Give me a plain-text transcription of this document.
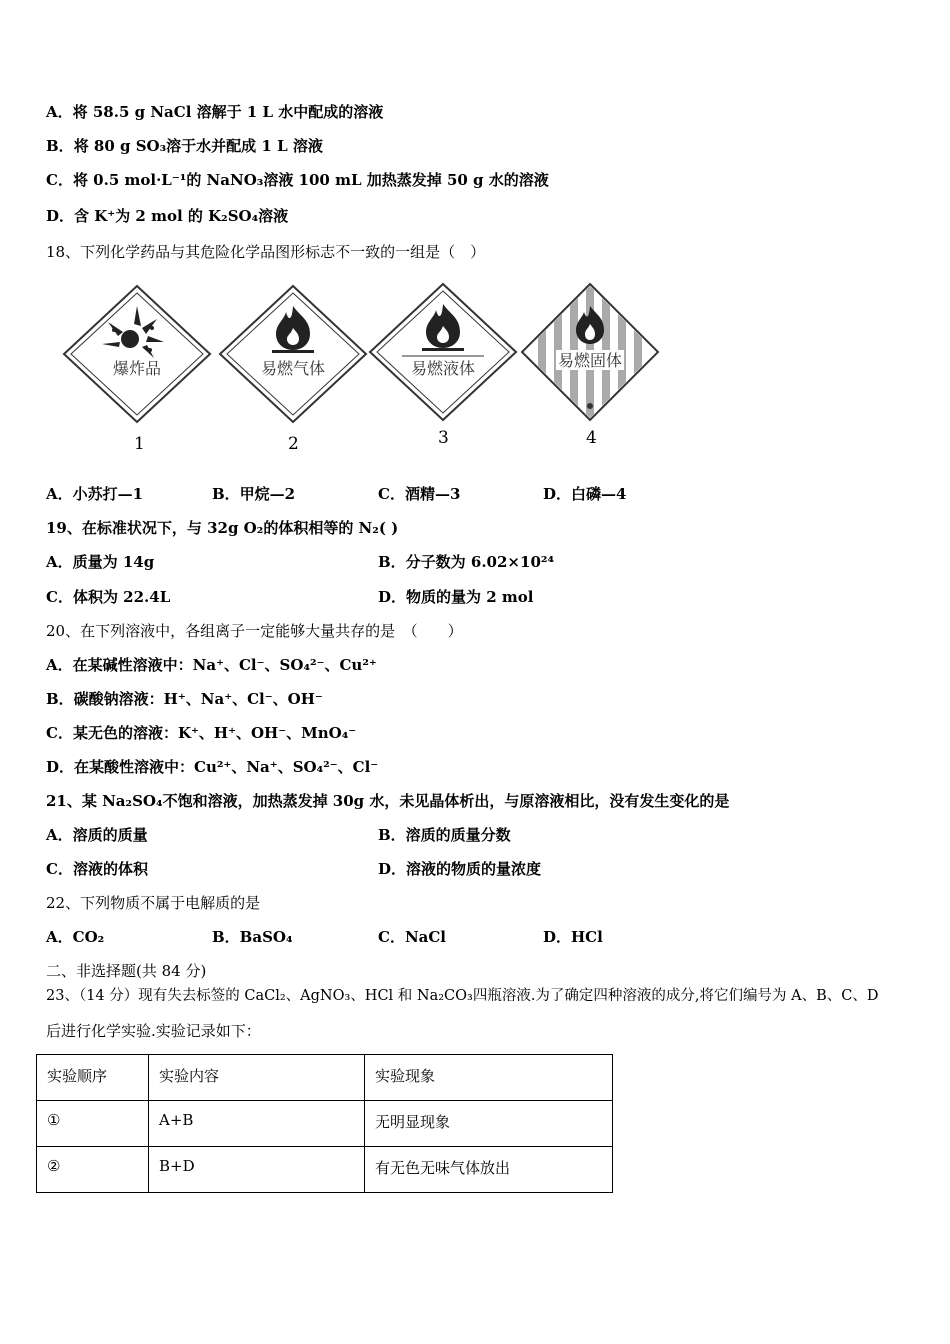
A．将 58.5 g NaCl 溶解于 1 L 水中配成的溶液
B．将 80 g SO₃溶于水并配成 1 L 溶液
C．将 0.5 mol·L⁻¹的 NaNO₃溶液 100 mL 加热蒸发掉 50 g 水的溶液
D．含 K⁺为 2 mol 的 K₂SO₄溶液
18、下列化学药品与其危险化学品图形标志不一致的一组是（　）
爆炸品
1
易燃气体
2
易燃液体
3
易燃固体
4
A．小苏打—1	B．甲烷—2	C．酒精—3	D．白磷—4
19、在标准状况下，与 32g O₂的体积相等的 N₂( )
A．质量为 14g	B．分子数为 6.02×10²⁴
C．体积为 22.4L	D．物质的量为 2 mol
20、在下列溶液中，各组离子一定能够大量共存的是　（　　）
A．在某碱性溶液中：Na⁺、Cl⁻、SO₄²⁻、Cu²⁺
B．碳酸钠溶液：H⁺、Na⁺、Cl⁻、OH⁻
C．某无色的溶液：K⁺、H⁺、OH⁻、MnO₄⁻
D．在某酸性溶液中：Cu²⁺、Na⁺、SO₄²⁻、Cl⁻
21、某 Na₂SO₄不饱和溶液，加热蒸发掉 30g 水，未见晶体析出，与原溶液相比，没有发生变化的是
A．溶质的质量	B．溶质的质量分数
C．溶液的体积	D．溶液的物质的量浓度
22、下列物质不属于电解质的是
A．CO₂	B．BaSO₄	C．NaCl	D．HCl
二、非选择题(共 84 分)
23、（14 分）现有失去标签的 CaCl₂、AgNO₃、HCl 和 Na₂CO₃四瓶溶液.为了确定四种溶液的成分,将它们编号为 A、B、C、D
后进行化学实验.实验记录如下：
实验顺序	实验内容	实验现象
①	A+B	无明显现象
②	B+D	有无色无味气体放出
